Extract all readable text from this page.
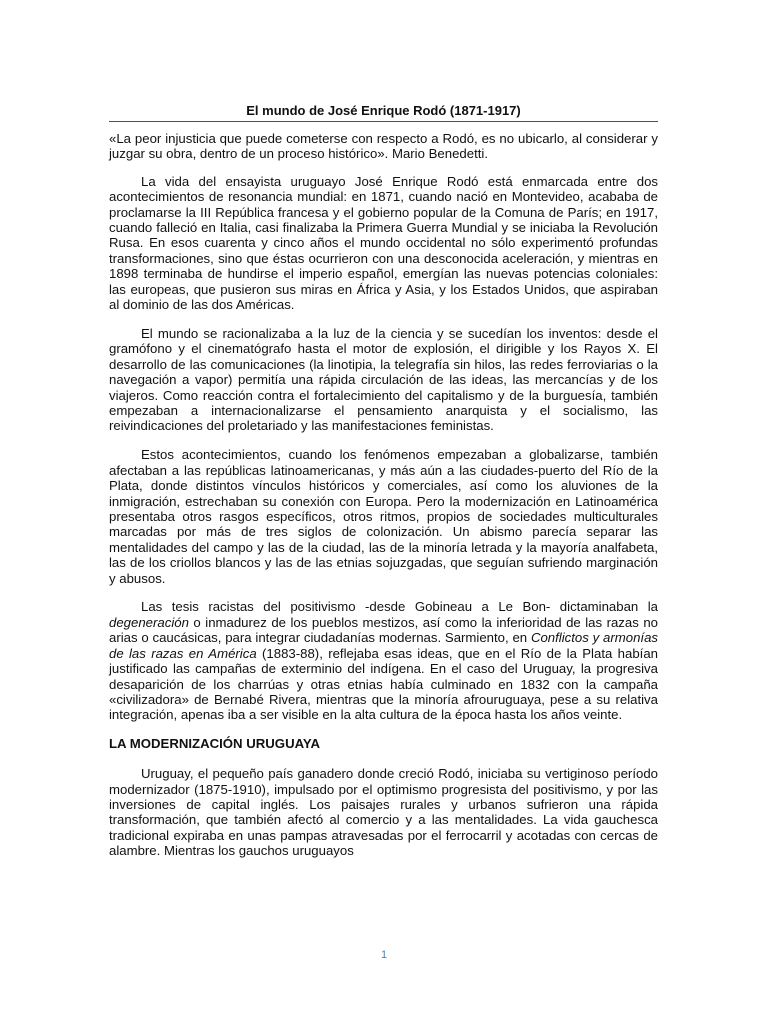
El mundo de José Enrique Rodó (1871-1917)

«La peor injusticia que puede cometerse con respecto a Rodó, es no ubicarlo, al considerar y juzgar su obra, dentro de un proceso histórico». Mario Benedetti.

La vida del ensayista uruguayo José Enrique Rodó está enmarcada entre dos acontecimientos de resonancia mundial: en 1871, cuando nació en Montevideo, acababa de proclamarse la III República francesa y el gobierno popular de la Comuna de París; en 1917, cuando falleció en Italia, casi finalizaba la Primera Guerra Mundial y se iniciaba la Revolución Rusa. En esos cuarenta y cinco años el mundo occidental no sólo experimentó profundas transformaciones, sino que éstas ocurrieron con una desconocida aceleración, y mientras en 1898 terminaba de hundirse el imperio español, emergían las nuevas potencias coloniales: las europeas, que pusieron sus miras en África y Asia, y los Estados Unidos, que aspiraban al dominio de las dos Américas.

El mundo se racionalizaba a la luz de la ciencia y se sucedían los inventos: desde el gramófono y el cinematógrafo hasta el motor de explosión, el dirigible y los Rayos X. El desarrollo de las comunicaciones (la linotipia, la telegrafía sin hilos, las redes ferroviarias o la navegación a vapor) permitía una rápida circulación de las ideas, las mercancías y de los viajeros. Como reacción contra el fortalecimiento del capitalismo y de la burguesía, también empezaban a internacionalizarse el pensamiento anarquista y el socialismo, las reivindicaciones del proletariado y las manifestaciones feministas.

Estos acontecimientos, cuando los fenómenos empezaban a globalizarse, también afectaban a las repúblicas latinoamericanas, y más aún a las ciudades-puerto del Río de la Plata, donde distintos vínculos históricos y comerciales, así como los aluviones de la inmigración, estrechaban su conexión con Europa. Pero la modernización en Latinoamérica presentaba otros rasgos específicos, otros ritmos, propios de sociedades multiculturales marcadas por más de tres siglos de colonización. Un abismo parecía separar las mentalidades del campo y las de la ciudad, las de la minoría letrada y la mayoría analfabeta, las de los criollos blancos y las de las etnias sojuzgadas, que seguían sufriendo marginación y abusos.

Las tesis racistas del positivismo -desde Gobineau a Le Bon- dictaminaban la degeneración o inmadurez de los pueblos mestizos, así como la inferioridad de las razas no arias o caucásicas, para integrar ciudadanías modernas. Sarmiento, en Conflictos y armonías de las razas en América (1883-88), reflejaba esas ideas, que en el Río de la Plata habían justificado las campañas de exterminio del indígena. En el caso del Uruguay, la progresiva desaparición de los charrúas y otras etnias había culminado en 1832 con la campaña «civilizadora» de Bernabé Rivera, mientras que la minoría afrouruguaya, pese a su relativa integración, apenas iba a ser visible en la alta cultura de la época hasta los años veinte.

LA MODERNIZACIÓN URUGUAYA

Uruguay, el pequeño país ganadero donde creció Rodó, iniciaba su vertiginoso período modernizador (1875-1910), impulsado por el optimismo progresista del positivismo, y por las inversiones de capital inglés. Los paisajes rurales y urbanos sufrieron una rápida transformación, que también afectó al comercio y a las mentalidades. La vida gauchesca tradicional expiraba en unas pampas atravesadas por el ferrocarril y acotadas con cercas de alambre. Mientras los gauchos uruguayos

1
